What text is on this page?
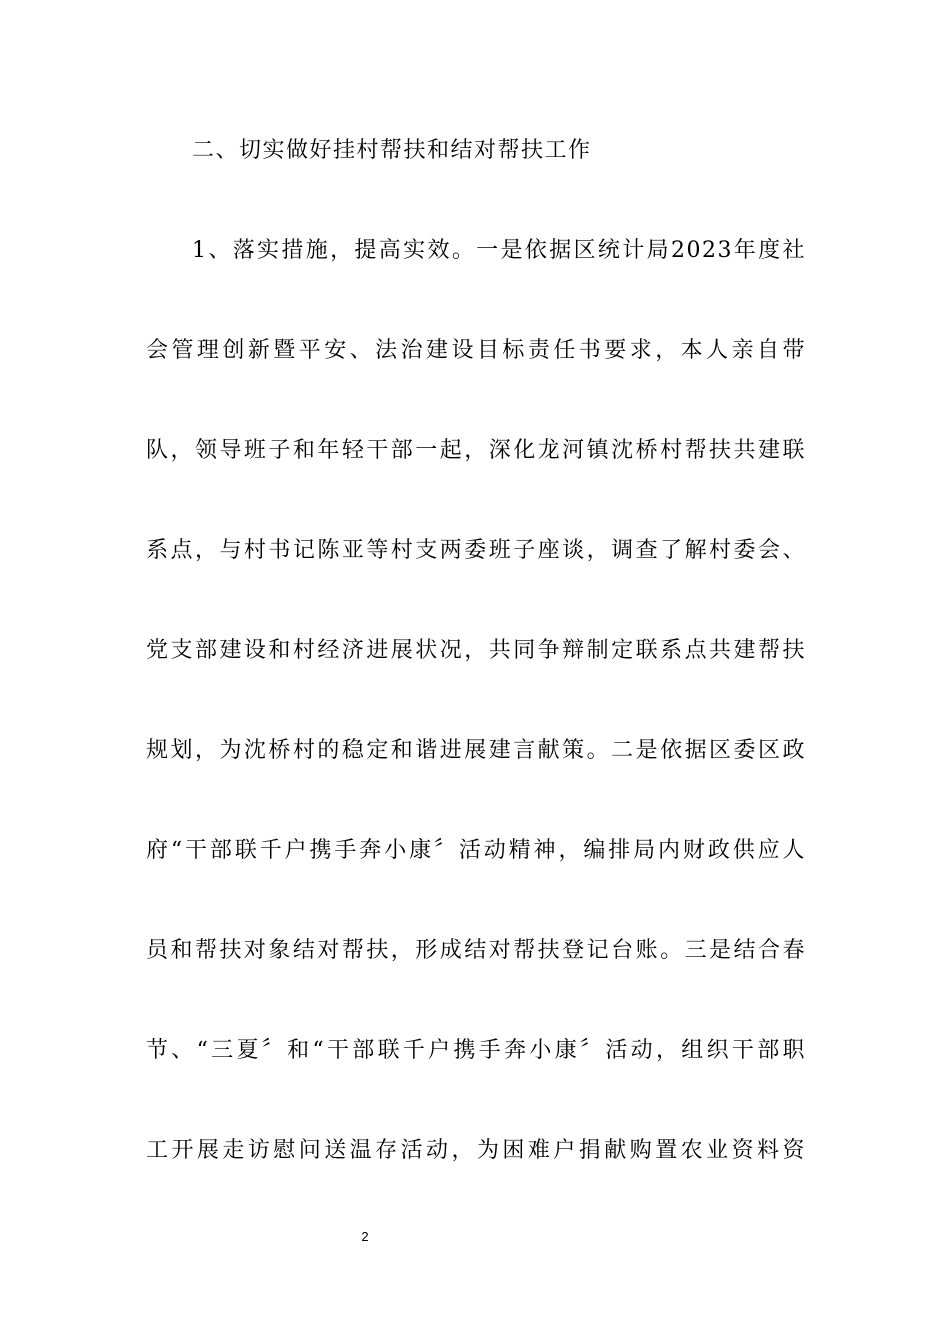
二、切实做好挂村帮扶和结对帮扶工作
1、落实措施，提高实效。一是依据区统计局2023年度社
会管理创新暨平安、法治建设目标责任书要求，本人亲自带
队，领导班子和年轻干部一起，深化龙河镇沈桥村帮扶共建联
系点，与村书记陈亚等村支两委班子座谈，调查了解村委会、
党支部建设和村经济进展状况，共同争辩制定联系点共建帮扶
规划，为沈桥村的稳定和谐进展建言献策。二是依据区委区政
府“干部联千户携手奔小康〞活动精神，编排局内财政供应人
员和帮扶对象结对帮扶，形成结对帮扶登记台账。三是结合春
节、“三夏〞和“干部联千户携手奔小康〞活动，组织干部职
工开展走访慰问送温存活动，为困难户捐献购置农业资料资
2
